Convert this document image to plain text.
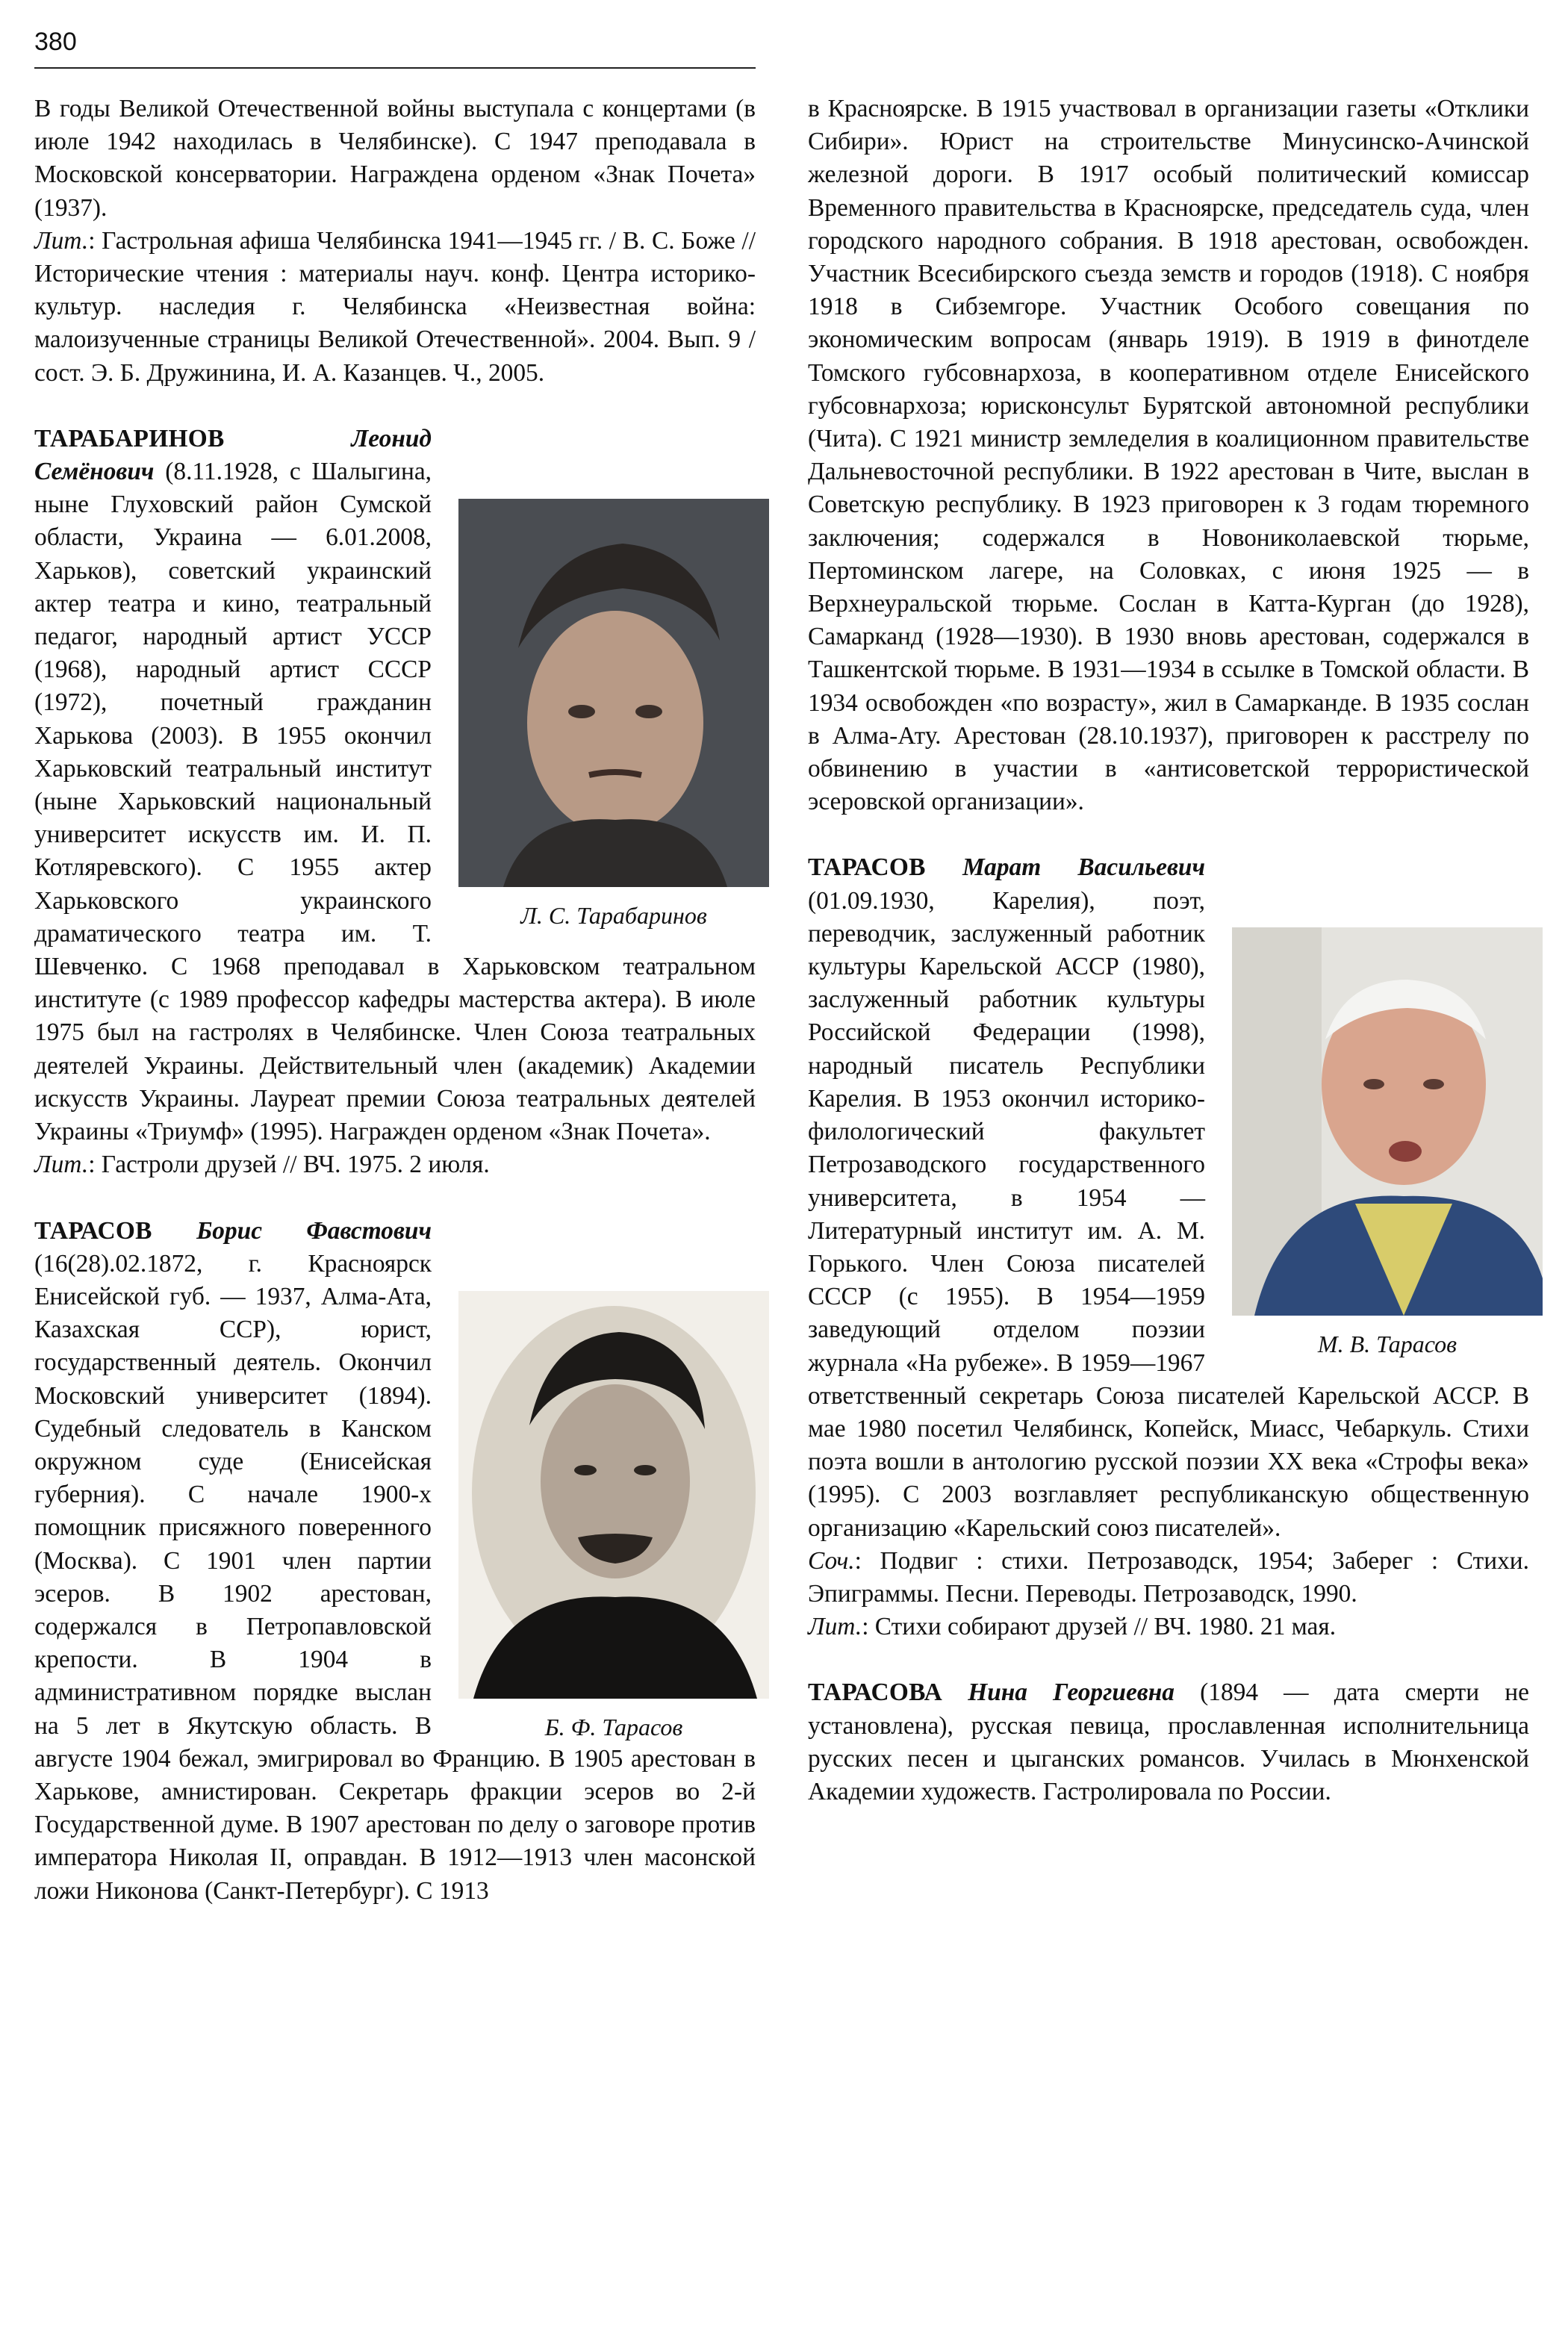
380

В годы Великой Отечественной войны выступала с концертами (в июле 1942 находилась в Челябинске). С 1947 преподавала в Московской консерватории. Награждена орденом «Знак Почета» (1937).

Лит.: Гастрольная афиша Челябинска 1941—1945 гг. / В. С. Боже // Исторические чтения : материалы науч. конф. Центра историко-культур. наследия г. Челябинска «Неизвестная война: малоизученные страницы Великой Отечественной». 2004. Вып. 9 / сост. Э. Б. Дружинина, И. А. Казанцев. Ч., 2005.

ТАРАБАРИНОВ Леонид Семёнович (8.11.1928, с Шалыгина, ныне Глуховский район Сумской области, Украина — 6.01.2008, Харьков), советский украинский актер театра и кино, театральный педагог, народный артист УССР (1968), народный артист СССР (1972), почетный гражданин Харькова (2003). В 1955 окончил Харьковский театральный институт (ныне Харьковский национальный университет искусств им. И. П. Котляревского). С 1955 актер Харьковского украинского драматического театра им. Т. Шевченко. С 1968 преподавал в Харьковском театральном институте (с 1989 профессор кафедры мастерства актера). В июле 1975 был на гастролях в Челябинске. Член Союза театральных деятелей Украины. Действительный член (академик) Академии искусств Украины. Лауреат премии Союза театральных деятелей Украины «Триумф» (1995). Награжден орденом «Знак Почета».

Лит.: Гастроли друзей // ВЧ. 1975. 2 июля.

ТАРАСОВ Борис Фавстович (16(28).02.1872, г. Красноярск Енисейской губ. — 1937, Алма-Ата, Казахская ССР), юрист, государственный деятель. Окончил Московский университет (1894). Судебный следователь в Канском окружном суде (Енисейская губерния). С начале 1900-х помощник присяжного поверенного (Москва). С 1901 член партии эсеров. В 1902 арестован, содержался в Петропавловской крепости. В 1904 в административном порядке выслан на 5 лет в Якутскую область. В августе 1904 бежал, эмигрировал во Францию. В 1905 арестован в Харькове, амнистирован. Секретарь фракции эсеров во 2-й Государственной думе. В 1907 арестован по делу о заговоре против императора Николая II, оправдан. В 1912—1913 член масонской ложи Никонова (Санкт-Петербург). С 1913

в Красноярске. В 1915 участвовал в организации газеты «Отклики Сибири». Юрист на строительстве Минусинско-Ачинской железной дороги. В 1917 особый политический комиссар Временного правительства в Красноярске, председатель суда, член городского народного собрания. В 1918 арестован, освобожден. Участник Всесибирского съезда земств и городов (1918). С ноября 1918 в Сибземгоре. Участник Особого совещания по экономическим вопросам (январь 1919). В 1919 в финотделе Томского губсовнархоза, в кооперативном отделе Енисейского губсовнархоза; юрисконсульт Бурятской автономной республики (Чита). С 1921 министр земледелия в коалиционном правительстве Дальневосточной республики. В 1922 арестован в Чите, выслан в Советскую республику. В 1923 приговорен к 3 годам тюремного заключения; содержался в Новониколаевской тюрьме, Пертоминском лагере, на Соловках, с июня 1925 — в Верхнеуральской тюрьме. Сослан в Катта-Курган (до 1928), Самарканд (1928—1930). В 1930 вновь арестован, содержался в Ташкентской тюрьме. В 1931—1934 в ссылке в Томской области. В 1934 освобожден «по возрасту», жил в Самарканде. В 1935 сослан в Алма-Ату. Арестован (28.10.1937), приговорен к расстрелу по обвинению в участии в «антисоветской террористической эсеровской организации».

ТАРАСОВ Марат Васильевич (01.09.1930, Карелия), поэт, переводчик, заслуженный работник культуры Карельской АССР (1980), заслуженный работник культуры Российской Федерации (1998), народный писатель Республики Карелия. В 1953 окончил историко-филологический факультет Петрозаводского государственного университета, в 1954 — Литературный институт им. А. М. Горького. Член Союза писателей СССР (с 1955). В 1954—1959 заведующий отделом поэзии журнала «На рубеже». В 1959—1967 ответственный секретарь Союза писателей Карельской АССР. В мае 1980 посетил Челябинск, Копейск, Миасс, Чебаркуль. Стихи поэта вошли в антологию русской поэзии XX века «Строфы века» (1995). С 2003 возглавляет республиканскую общественную организацию «Карельский союз писателей».

Соч.: Подвиг : стихи. Петрозаводск, 1954; Заберег : Стихи. Эпиграммы. Песни. Переводы. Петрозаводск, 1990.

Лит.: Стихи собирают друзей // ВЧ. 1980. 21 мая.

ТАРАСОВА Нина Георгиевна (1894 — дата смерти не установлена), русская певица, прославленная исполнительница русских песен и цыганских романсов. Училась в Мюнхенской Академии художеств. Гастролировала по России.

Л. С. Тарабаринов
Б. Ф. Тарасов
М. В. Тарасов
